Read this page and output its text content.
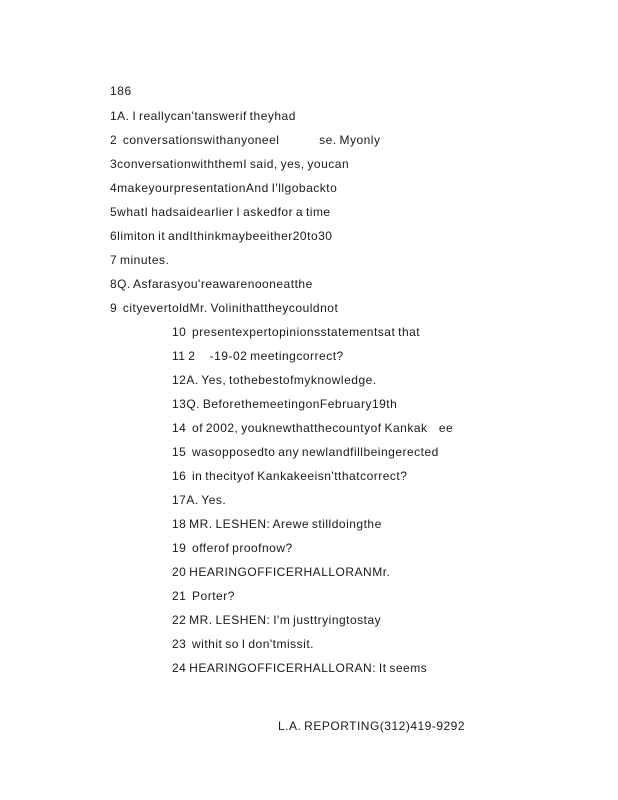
186
1A. I reallycan'tanswerif theyhad
2  conversationswithanyoneel              se. Myonly
3conversationwiththemI said, yes, youcan
4makeyourpresentationAnd I'llgobackto
5whatI hadsaidearlier I askedfor a time
6limiton it andIthinkmaybeeither20to30
7 minutes.
8Q. Asfarasyou'reawarenooneatthe
9  cityevertoldMr. Volinithattheycouldnot
10  presentexpertopinionsstatementsat that
11 2     -19-02 meetingcorrect?
12A. Yes, tothebestofmyknowledge.
13Q. BeforethemeetingonFebruary19th
14  of 2002, youknewthatthecountyof Kankak    ee
15  wasopposedto any newlandfillbeingerected
16  in thecityof Kankakeeisn'tthatcorrect?
17A. Yes.
18 MR. LESHEN: Arewe stilldoingthe
19  offerof proofnow?
20 HEARINGOFFICERHALLORANMr.
21  Porter?
22 MR. LESHEN: I'm justtryingtostay
23  withit so I don'tmissit.
24 HEARINGOFFICERHALLORAN: It seems
L.A. REPORTING(312)419-9292
